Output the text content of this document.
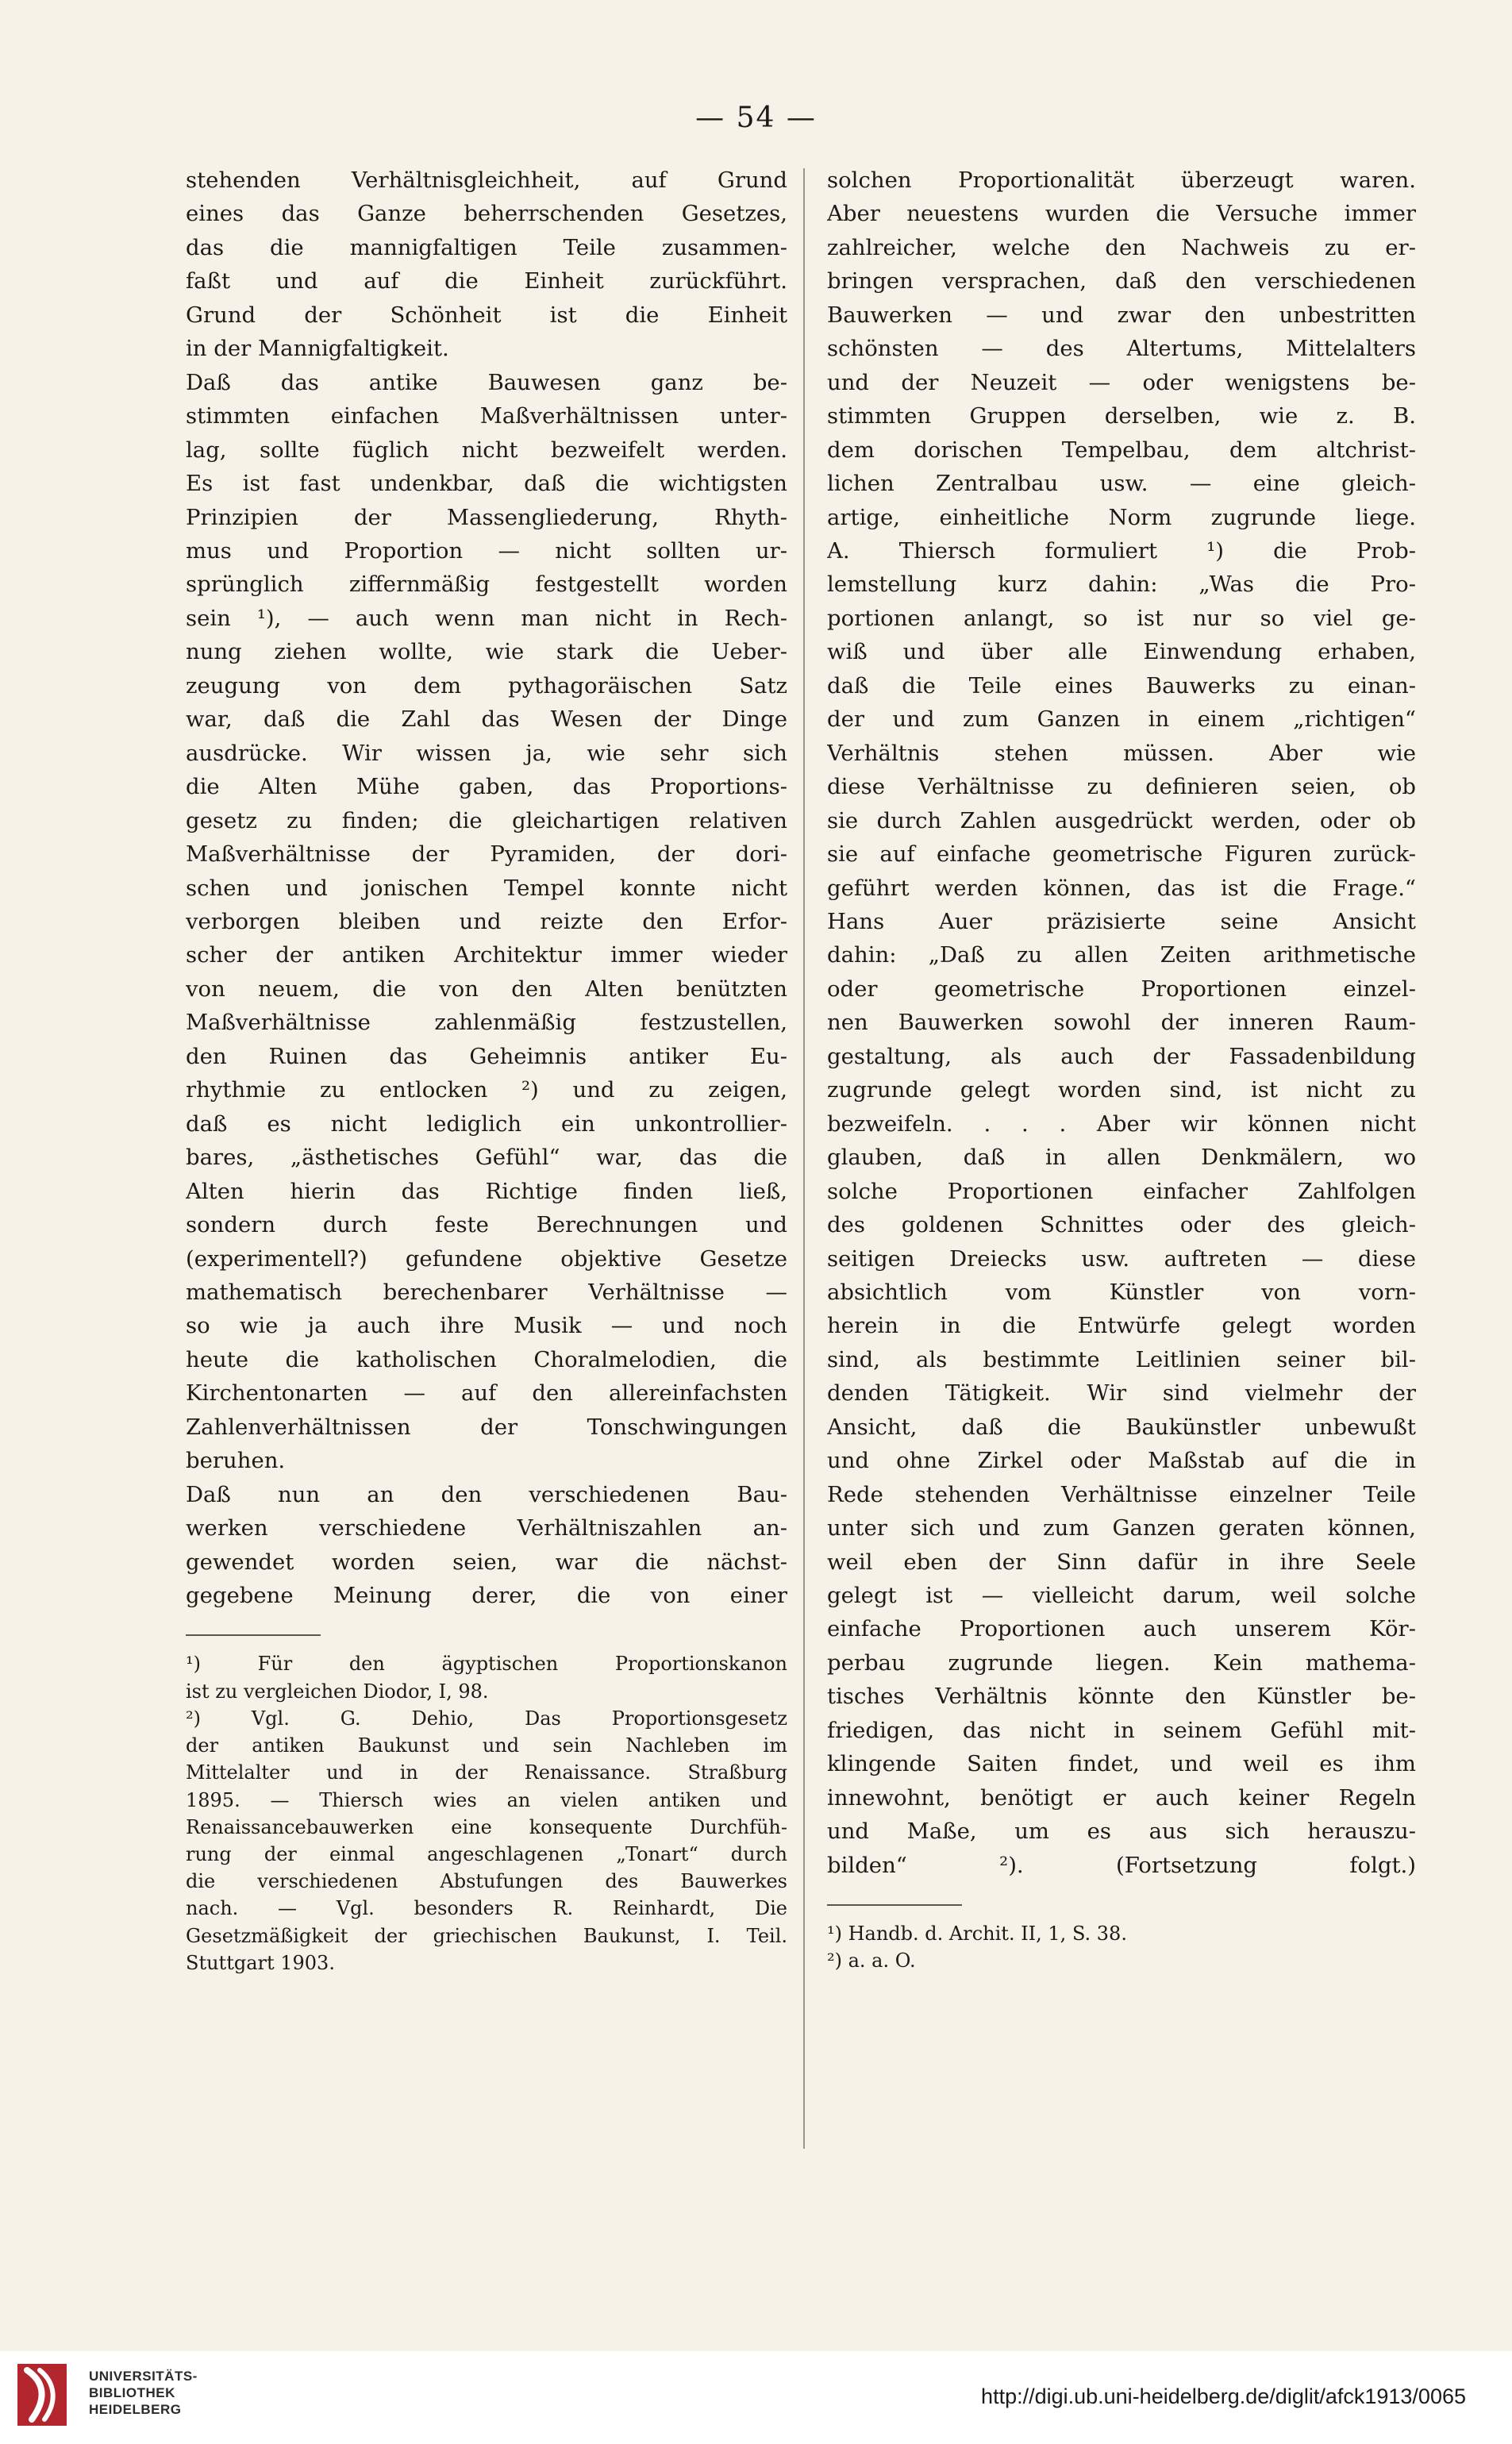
— 54 —
stehenden Verhältnisgleichheit, auf Grund
eines das Ganze beherrschenden Gesetzes,
das die mannigfaltigen Teile zusammen-
faßt und auf die Einheit zurückführt.
Grund der Schönheit ist die Einheit
in der Mannigfaltigkeit.
Daß das antike Bauwesen ganz be-
stimmten einfachen Maßverhältnissen unter-
lag, sollte füglich nicht bezweifelt werden.
Es ist fast undenkbar, daß die wichtigsten
Prinzipien der Massengliederung, Rhyth-
mus und Proportion — nicht sollten ur-
sprünglich ziffernmäßig festgestellt worden
sein ¹), — auch wenn man nicht in Rech-
nung ziehen wollte, wie stark die Ueber-
zeugung von dem pythagoräischen Satz
war, daß die Zahl das Wesen der Dinge
ausdrücke. Wir wissen ja, wie sehr sich
die Alten Mühe gaben, das Proportions-
gesetz zu finden; die gleichartigen relativen
Maßverhältnisse der Pyramiden, der dori-
schen und jonischen Tempel konnte nicht
verborgen bleiben und reizte den Erfor-
scher der antiken Architektur immer wieder
von neuem, die von den Alten benützten
Maßverhältnisse zahlenmäßig festzustellen,
den Ruinen das Geheimnis antiker Eu-
rhythmie zu entlocken ²) und zu zeigen,
daß es nicht lediglich ein unkontrollier-
bares, „ästhetisches Gefühl“ war, das die
Alten hierin das Richtige finden ließ,
sondern durch feste Berechnungen und
(experimentell?) gefundene objektive Gesetze
mathematisch berechenbarer Verhältnisse —
so wie ja auch ihre Musik — und noch
heute die katholischen Choralmelodien, die
Kirchentonarten — auf den allereinfachsten
Zahlenverhältnissen der Tonschwingungen
beruhen.
Daß nun an den verschiedenen Bau-
werken verschiedene Verhältniszahlen an-
gewendet worden seien, war die nächst-
gegebene Meinung derer, die von einer
¹) Für den ägyptischen Proportionskanon
ist zu vergleichen Diodor, I, 98.
²) Vgl. G. Dehio, Das Proportionsgesetz
der antiken Baukunst und sein Nachleben im
Mittelalter und in der Renaissance. Straßburg
1895. — Thiersch wies an vielen antiken und
Renaissancebauwerken eine konsequente Durchfüh-
rung der einmal angeschlagenen „Tonart“ durch
die verschiedenen Abstufungen des Bauwerkes
nach. — Vgl. besonders R. Reinhardt, Die
Gesetzmäßigkeit der griechischen Baukunst, I. Teil.
Stuttgart 1903.
solchen Proportionalität überzeugt waren.
Aber neuestens wurden die Versuche immer
zahlreicher, welche den Nachweis zu er-
bringen versprachen, daß den verschiedenen
Bauwerken — und zwar den unbestritten
schönsten — des Altertums, Mittelalters
und der Neuzeit — oder wenigstens be-
stimmten Gruppen derselben, wie z. B.
dem dorischen Tempelbau, dem altchrist-
lichen Zentralbau usw. — eine gleich-
artige, einheitliche Norm zugrunde liege.
A. Thiersch formuliert ¹) die Prob-
lemstellung kurz dahin: „Was die Pro-
portionen anlangt, so ist nur so viel ge-
wiß und über alle Einwendung erhaben,
daß die Teile eines Bauwerks zu einan-
der und zum Ganzen in einem „richtigen“
Verhältnis stehen müssen. Aber wie
diese Verhältnisse zu definieren seien, ob
sie durch Zahlen ausgedrückt werden, oder ob
sie auf einfache geometrische Figuren zurück-
geführt werden können, das ist die Frage.“
Hans Auer präzisierte seine Ansicht
dahin: „Daß zu allen Zeiten arithmetische
oder geometrische Proportionen einzel-
nen Bauwerken sowohl der inneren Raum-
gestaltung, als auch der Fassadenbildung
zugrunde gelegt worden sind, ist nicht zu
bezweifeln. . . . Aber wir können nicht
glauben, daß in allen Denkmälern, wo
solche Proportionen einfacher Zahlfolgen
des goldenen Schnittes oder des gleich-
seitigen Dreiecks usw. auftreten — diese
absichtlich vom Künstler von vorn-
herein in die Entwürfe gelegt worden
sind, als bestimmte Leitlinien seiner bil-
denden Tätigkeit. Wir sind vielmehr der
Ansicht, daß die Baukünstler unbewußt
und ohne Zirkel oder Maßstab auf die in
Rede stehenden Verhältnisse einzelner Teile
unter sich und zum Ganzen geraten können,
weil eben der Sinn dafür in ihre Seele
gelegt ist — vielleicht darum, weil solche
einfache Proportionen auch unserem Kör-
perbau zugrunde liegen. Kein mathema-
tisches Verhältnis könnte den Künstler be-
friedigen, das nicht in seinem Gefühl mit-
klingende Saiten findet, und weil es ihm
innewohnt, benötigt er auch keiner Regeln
und Maße, um es aus sich herauszu-
bilden“ ²). (Fortsetzung folgt.)
¹) Handb. d. Archit. II, 1, S. 38.
²) a. a. O.
UNIVERSITÄTS-
BIBLIOTHEK
HEIDELBERG
http://digi.ub.uni-heidelberg.de/diglit/afck1913/0065
